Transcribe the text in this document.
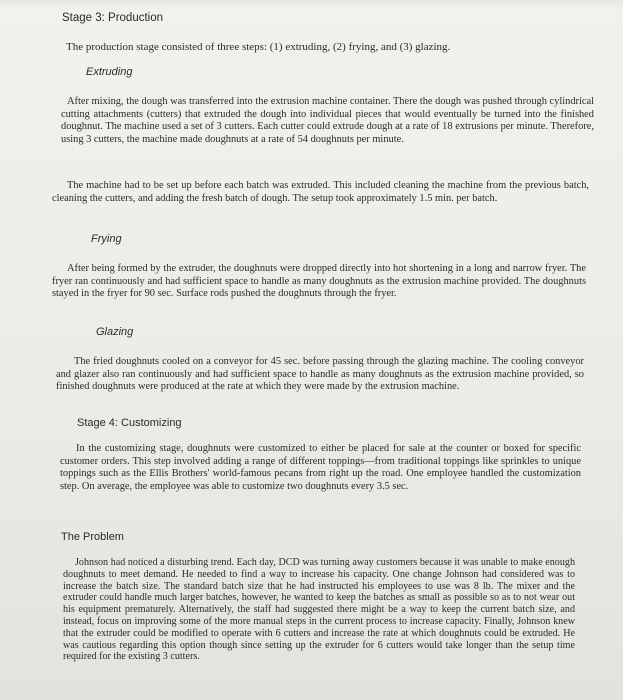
Stage 3: Production
The production stage consisted of three steps: (1) extruding, (2) frying, and (3) glazing.
Extruding
After mixing, the dough was transferred into the extrusion machine container. There the dough was pushed through cylindrical cutting attachments (cutters) that extruded the dough into individual pieces that would eventually be turned into the finished doughnut. The machine used a set of 3 cutters. Each cutter could extrude dough at a rate of 18 extrusions per minute. Therefore, using 3 cutters, the machine made doughnuts at a rate of 54 doughnuts per minute.
The machine had to be set up before each batch was extruded. This included cleaning the machine from the previous batch, cleaning the cutters, and adding the fresh batch of dough. The setup took approximately 1.5 min. per batch.
Frying
After being formed by the extruder, the doughnuts were dropped directly into hot shortening in a long and narrow fryer. The fryer ran continuously and had sufficient space to handle as many doughnuts as the extrusion machine provided. The doughnuts stayed in the fryer for 90 sec. Surface rods pushed the doughnuts through the fryer.
Glazing
The fried doughnuts cooled on a conveyor for 45 sec. before passing through the glazing machine. The cooling conveyor and glazer also ran continuously and had sufficient space to handle as many doughnuts as the extrusion machine provided, so finished doughnuts were produced at the rate at which they were made by the extrusion machine.
Stage 4: Customizing
In the customizing stage, doughnuts were customized to either be placed for sale at the counter or boxed for specific customer orders. This step involved adding a range of different toppings—from traditional toppings like sprinkles to unique toppings such as the Ellis Brothers' world-famous pecans from right up the road. One employee handled the customization step. On average, the employee was able to customize two doughnuts every 3.5 sec.
The Problem
Johnson had noticed a disturbing trend. Each day, DCD was turning away customers because it was unable to make enough doughnuts to meet demand. He needed to find a way to increase his capacity. One change Johnson had considered was to increase the batch size. The standard batch size that he had instructed his employees to use was 8 lb. The mixer and the extruder could handle much larger batches, however, he wanted to keep the batches as small as possible so as to not wear out his equipment prematurely. Alternatively, the staff had suggested there might be a way to keep the current batch size, and instead, focus on improving some of the more manual steps in the current process to increase capacity. Finally, Johnson knew that the extruder could be modified to operate with 6 cutters and increase the rate at which doughnuts could be extruded. He was cautious regarding this option though since setting up the extruder for 6 cutters would take longer than the setup time required for the existing 3 cutters.
